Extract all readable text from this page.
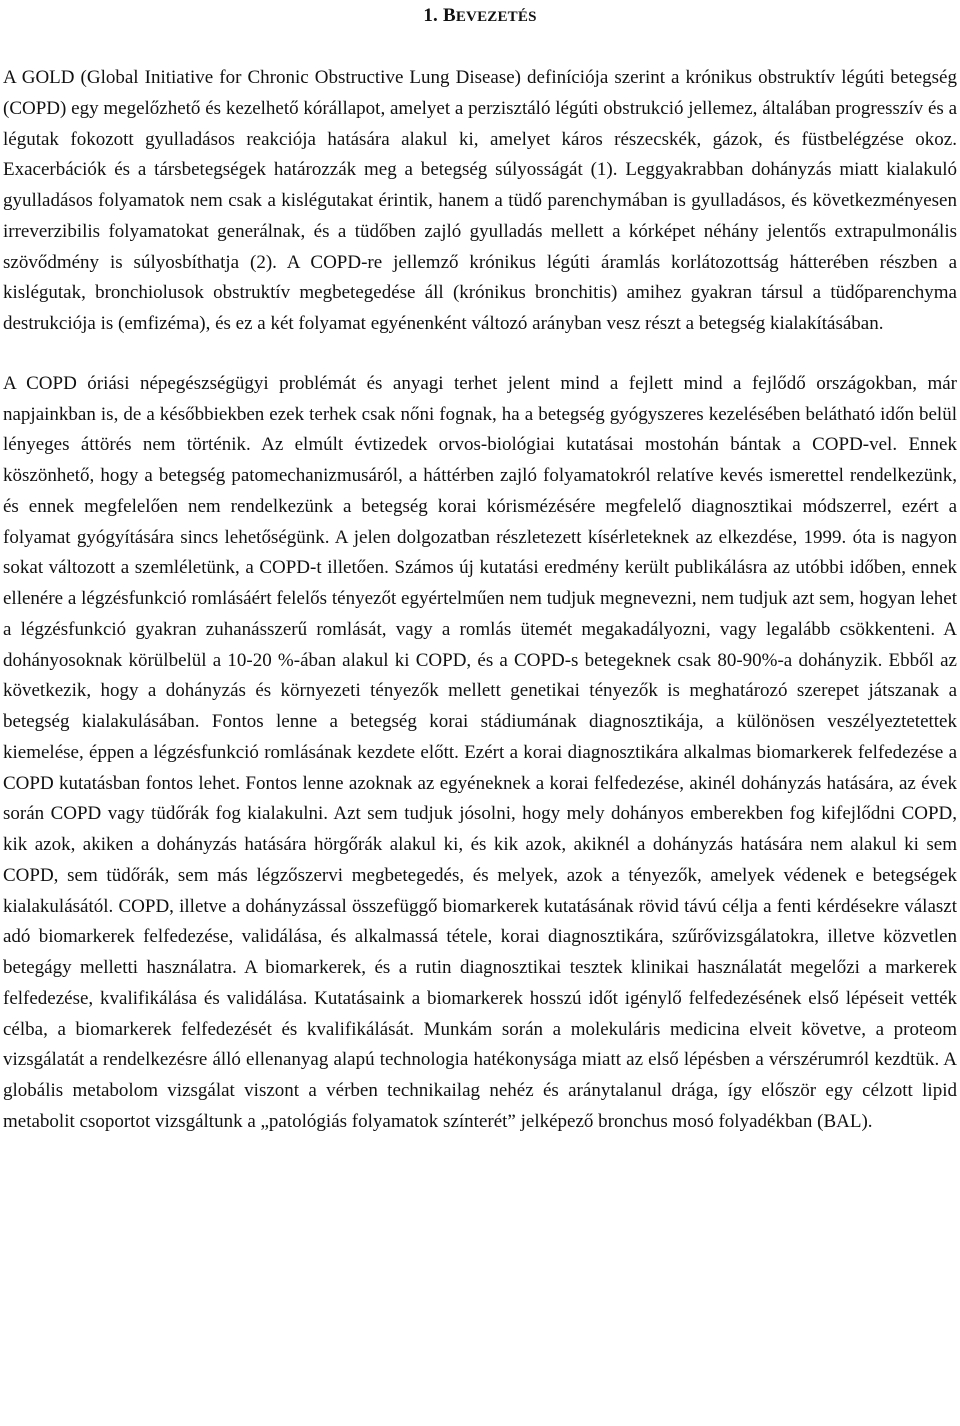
1. BEVEZETÉS

A GOLD (Global Initiative for Chronic Obstructive Lung Disease) definíciója szerint a krónikus obstruktív légúti betegség (COPD) egy megelőzhető és kezelhető kórállapot, amelyet a perzisztáló légúti obstrukció jellemez, általában progresszív és a légutak fokozott gyulladásos reakciója hatására alakul ki, amelyet káros részecskék, gázok, és füstbelégzése okoz. Exacerbációk és a társbetegségek határozzák meg a betegség súlyosságát (1). Leggyakrabban dohányzás miatt kialakuló gyulladásos folyamatok nem csak a kislégutakat érintik, hanem a tüdő parenchymában is gyulladásos, és következményesen irreverzibilis folyamatokat generálnak, és a tüdőben zajló gyulladás mellett a kórképet néhány jelentős extrapulmonális szövődmény is súlyosbíthatja (2). A COPD-re jellemző krónikus légúti áramlás korlátozottság hátterében részben a kislégutak, bronchiolusok obstruktív megbetegedése áll (krónikus bronchitis) amihez gyakran társul a tüdőparenchyma destrukciója is (emfizéma), és ez a két folyamat egyénenként változó arányban vesz részt a betegség kialakításában.

A COPD óriási népegészségügyi problémát és anyagi terhet jelent mind a fejlett mind a fejlődő országokban, már napjainkban is, de a későbbiekben ezek terhek csak nőni fognak, ha a betegség gyógyszeres kezelésében belátható időn belül lényeges áttörés nem történik. Az elmúlt évtizedek orvos-biológiai kutatásai mostohán bántak a COPD-vel. Ennek köszönhető, hogy a betegség patomechanizmusáról, a háttérben zajló folyamatokról relatíve kevés ismerettel rendelkezünk, és ennek megfelelően nem rendelkezünk a betegség korai kórismézésére megfelelő diagnosztikai módszerrel, ezért a folyamat gyógyítására sincs lehetőségünk. A jelen dolgozatban részletezett kísérleteknek az elkezdése, 1999. óta is nagyon sokat változott a szemléletünk, a COPD-t illetően. Számos új kutatási eredmény került publikálásra az utóbbi időben, ennek ellenére a légzésfunkció romlásáért felelős tényezőt egyértelműen nem tudjuk megnevezni, nem tudjuk azt sem, hogyan lehet a légzésfunkció gyakran zuhanásszerű romlását, vagy a romlás ütemét megakadályozni, vagy legalább csökkenteni. A dohányosoknak körülbelül a 10-20 %-ában alakul ki COPD, és a COPD-s betegeknek csak 80-90%-a dohányzik. Ebből az következik, hogy a dohányzás és környezeti tényezők mellett genetikai tényezők is meghatározó szerepet játszanak a betegség kialakulásában. Fontos lenne a betegség korai stádiumának diagnosztikája, a különösen veszélyeztetettek kiemelése, éppen a légzésfunkció romlásának kezdete előtt. Ezért a korai diagnosztikára alkalmas biomarkerek felfedezése a COPD kutatásban fontos lehet. Fontos lenne azoknak az egyéneknek a korai felfedezése, akinél dohányzás hatására, az évek során COPD vagy tüdőrák fog kialakulni. Azt sem tudjuk jósolni, hogy mely dohányos emberekben fog kifejlődni COPD, kik azok, akiken a dohányzás hatására hörgőrák alakul ki, és kik azok, akiknél a dohányzás hatására nem alakul ki sem COPD, sem tüdőrák, sem más légzőszervi megbetegedés, és melyek, azok a tényezők, amelyek védenek e betegségek kialakulásától. COPD, illetve a dohányzással összefüggő biomarkerek kutatásának rövid távú célja a fenti kérdésekre választ adó biomarkerek felfedezése, validálása, és alkalmassá tétele, korai diagnosztikára, szűrővizsgálatokra, illetve közvetlen betegágy melletti használatra. A biomarkerek, és a rutin diagnosztikai tesztek klinikai használatát megelőzi a markerek felfedezése, kvalifikálása és validálása. Kutatásaink a biomarkerek hosszú időt igénylő felfedezésének első lépéseit vették célba, a biomarkerek felfedezését és kvalifikálását. Munkám során a molekuláris medicina elveit követve, a proteom vizsgálatát a rendelkezésre álló ellenanyag alapú technologia hatékonysága miatt az első lépésben a vérszérumról kezdtük. A globális metabolom vizsgálat viszont a vérben technikailag nehéz és aránytalanul drága, így először egy célzott lipid metabolit csoportot vizsgáltunk a „patológiás folyamatok színterét” jelképező bronchus mosó folyadékban (BAL).
